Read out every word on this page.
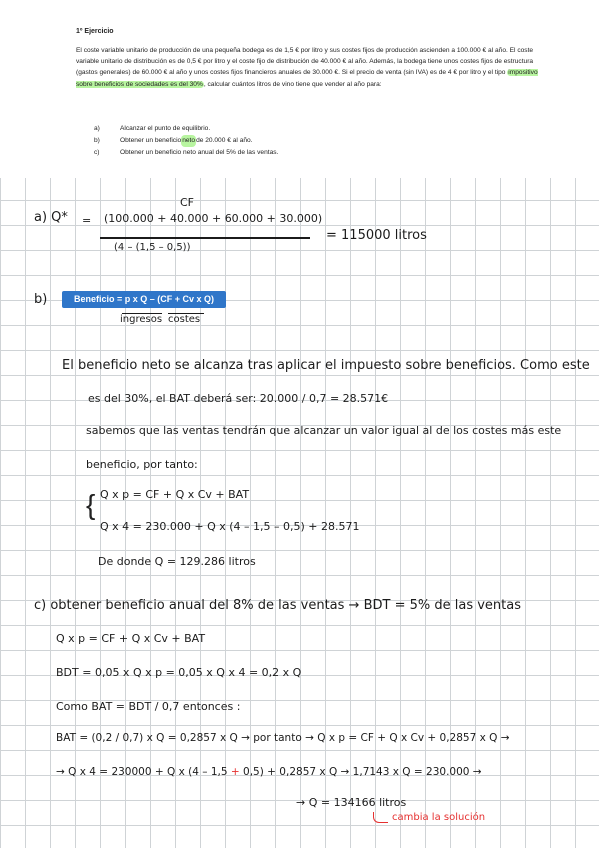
1º Ejercicio

El coste variable unitario de producción de una pequeña bodega es de 1,5 € por litro y sus costes fijos de producción ascienden a 100.000 € al año. El coste variable unitario de distribución es de 0,5 € por litro y el coste fijo de distribución de 40.000 € al año. Además, la bodega tiene unos costes fijos de estructura (gastos generales) de 60.000 € al año y unos costes fijos financieros anuales de 30.000 €. Si el precio de venta (sin IVA) es de 4 € por litro y el tipo impositivo sobre beneficios de sociedades es del 30%, calcular cuántos litros de vino tiene que vender al año para:

a)	Alcanzar el punto de equilibrio.
b)	Obtener un beneficio neto de 20.000 € al año.
c)	Obtener un beneficio neto anual del 5% de las ventas.
CF
a) Q* = (100.000 + 40.000 + 60.000 + 30.000)
(4 – (1,5 – 0,5))
= 115000 litros
b)	Beneficio = p x Q – (CF + Cv x Q)
ingresos costes
El beneficio neto se alcanza tras aplicar el impuesto sobre beneficios. Como este
es del 30%, el BAT deberá ser: 20.000 / 0,7 = 28.571€
sabemos que las ventas tendrán que alcanzar un valor igual al de los costes más este
beneficio, por tanto:
{ Q x p = CF + Q x Cv + BAT
Q x 4 = 230.000 + Q x (4 – 1,5 – 0,5) + 28.571
De donde Q = 129.286 litros
c) obtener beneficio anual del 8% de las ventas → BDT = 5% de las ventas
Q x p = CF + Q x Cv + BAT
BDT = 0,05 x Q x p = 0,05 x Q x 4 = 0,2 x Q
Como BAT = BDT / 0,7 entonces :
BAT = (0,2 / 0,7) x Q = 0,2857 x Q → por tanto → Q x p = CF + Q x Cv + 0,2857 x Q →
→ Q x 4 = 230000 + Q x (4 – 1,5 + 0,5) + 0,2857 x Q → 1,7143 x Q = 230.000 →
→ Q = 134166 litros
cambia la solución
